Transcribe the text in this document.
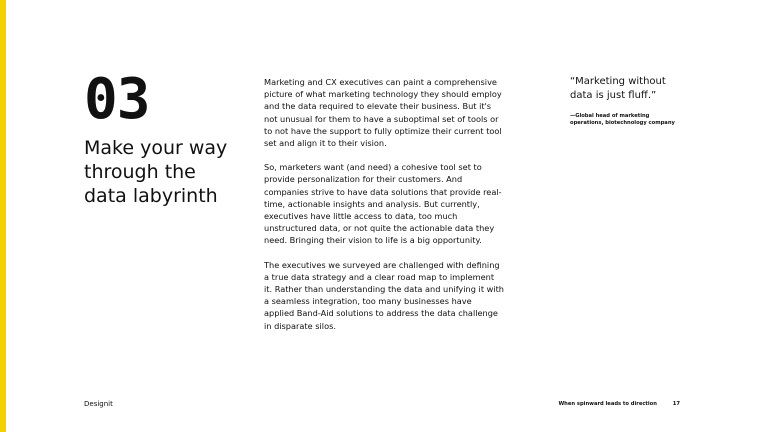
03
Make your way through the data labyrinth

Marketing and CX executives can paint a comprehensive picture of what marketing technology they should employ and the data required to elevate their business. But it's not unusual for them to have a suboptimal set of tools or to not have the support to fully optimize their current tool set and align it to their vision.

So, marketers want (and need) a cohesive tool set to provide personalization for their customers. And companies strive to have data solutions that provide real-time, actionable insights and analysis. But currently, executives have little access to data, too much unstructured data, or not quite the actionable data they need. Bringing their vision to life is a big opportunity.

The executives we surveyed are challenged with defining a true data strategy and a clear road map to implement it. Rather than understanding the data and unifying it with a seamless integration, too many businesses have applied Band-Aid solutions to address the data challenge in disparate silos.

“Marketing without data is just fluff.”
—Global head of marketing operations, biotechnology company
Designit	When spinward leads to direction	17
